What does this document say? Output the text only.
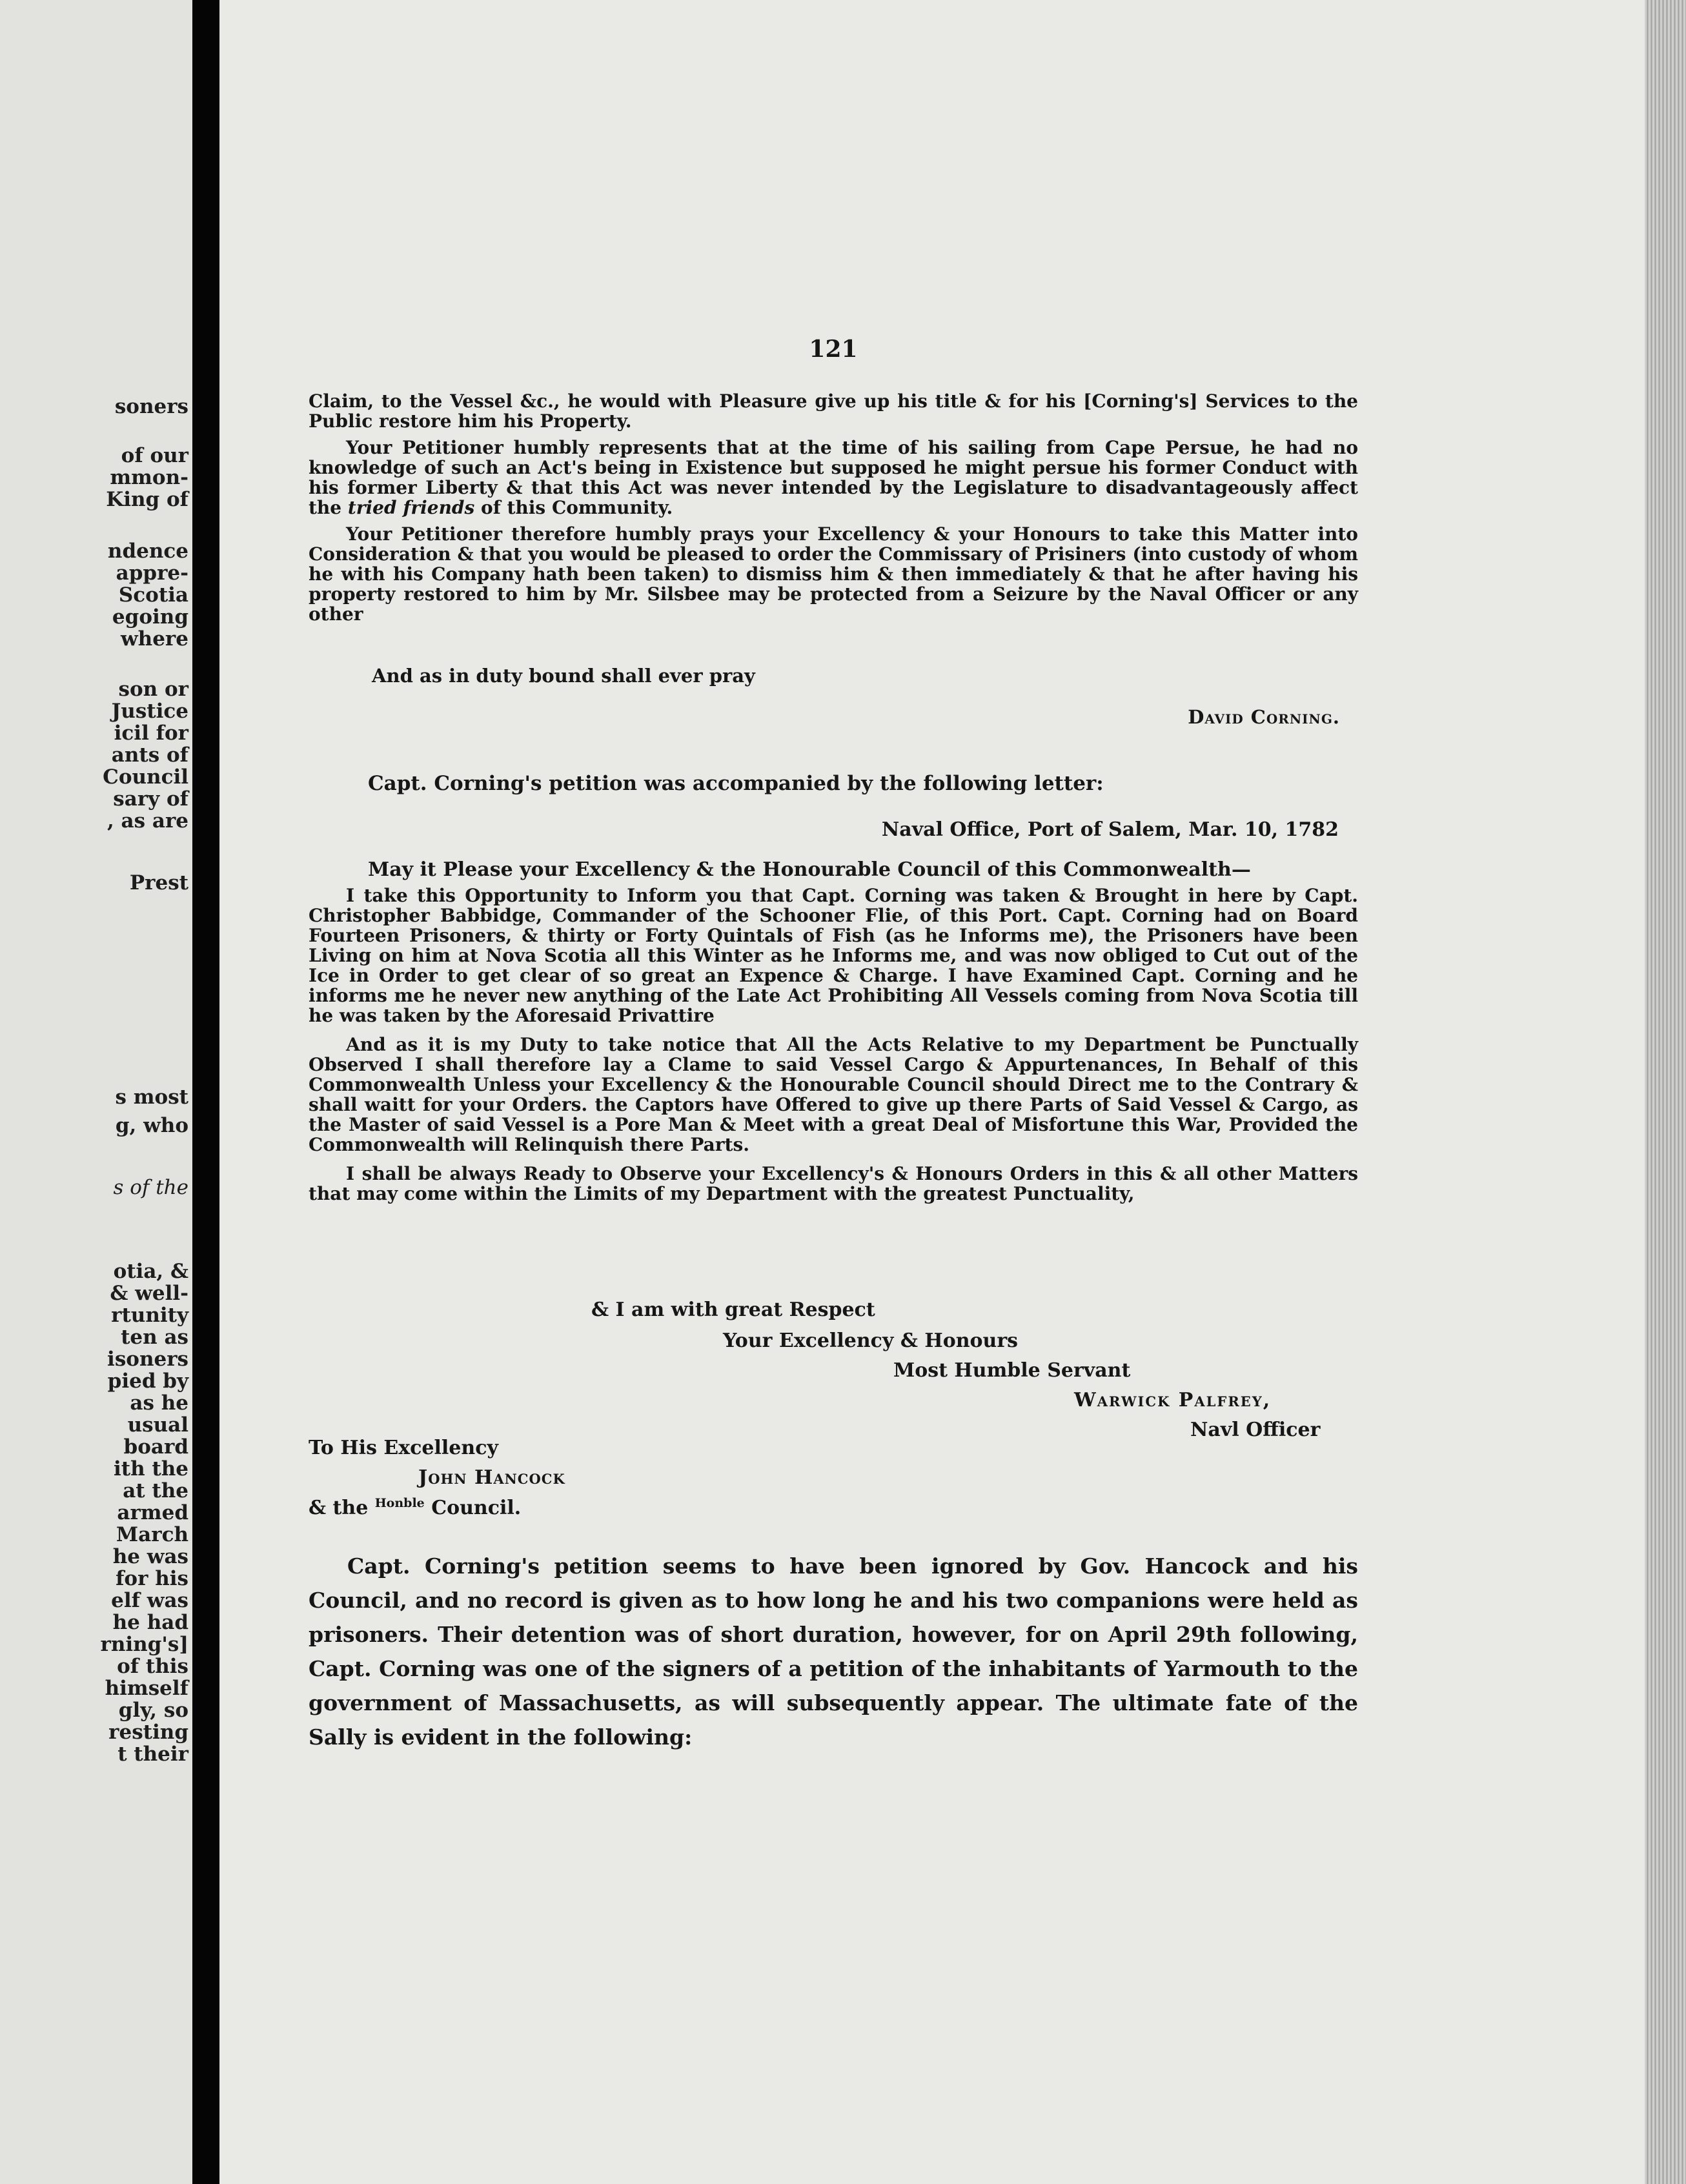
soners
of our
mmon-
King of
ndence
appre-
Scotia
egoing
where
son or
Justice
icil for
ants of
Council
sary of
, as are
Prest
s most
g, who
s of the
otia, &
& well-
rtunity
ten as
isoners
pied by
as he
usual
board
ith the
at the
armed
March
he was
for his
elf was
he had
rning's]
of this
himself
gly, so
resting
t their
121

Claim, to the Vessel &c., he would with Pleasure give up his title & for his [Corning's] Services to the Public restore him his Property.

Your Petitioner humbly represents that at the time of his sailing from Cape Persue, he had no knowledge of such an Act's being in Existence but supposed he might persue his former Conduct with his former Liberty & that this Act was never intended by the Legislature to disadvantageously affect the tried friends of this Community.

Your Petitioner therefore humbly prays your Excellency & your Honours to take this Matter into Consideration & that you would be pleased to order the Commissary of Prisiners (into custody of whom he with his Company hath been taken) to dismiss him & then immediately & that he after having his property restored to him by Mr. Silsbee may be protected from a Seizure by the Naval Officer or any other

And as in duty bound shall ever pray
David Corning.
Capt. Corning's petition was accompanied by the following letter:
Naval Office, Port of Salem, Mar. 10, 1782
May it Please your Excellency & the Honourable Council of this Commonwealth—

I take this Opportunity to Inform you that Capt. Corning was taken & Brought in here by Capt. Christopher Babbidge, Commander of the Schooner Flie, of this Port. Capt. Corning had on Board Fourteen Prisoners, & thirty or Forty Quintals of Fish (as he Informs me), the Prisoners have been Living on him at Nova Scotia all this Winter as he Informs me, and was now obliged to Cut out of the Ice in Order to get clear of so great an Expence & Charge. I have Examined Capt. Corning and he informs me he never new anything of the Late Act Prohibiting All Vessels coming from Nova Scotia till he was taken by the Aforesaid Privattire

And as it is my Duty to take notice that All the Acts Relative to my Department be Punctually Observed I shall therefore lay a Clame to said Vessel Cargo & Appurtenances, In Behalf of this Commonwealth Unless your Excellency & the Honourable Council should Direct me to the Contrary & shall waitt for your Orders. the Captors have Offered to give up there Parts of Said Vessel & Cargo, as the Master of said Vessel is a Pore Man & Meet with a great Deal of Misfortune this War, Provided the Commonwealth will Relinquish there Parts.

I shall be always Ready to Observe your Excellency's & Honours Orders in this & all other Matters that may come within the Limits of my Department with the greatest Punctuality,

& I am with great Respect
Your Excellency & Honours
Most Humble Servant
Warwick Palfrey,
Navl Officer
To His Excellency
John Hancock
& the $^{Honble}$ Council.

Capt. Corning's petition seems to have been ignored by Gov. Hancock and his Council, and no record is given as to how long he and his two companions were held as prisoners. Their detention was of short duration, however, for on April 29th following, Capt. Corning was one of the signers of a petition of the inhabitants of Yarmouth to the government of Massachusetts, as will subsequently appear. The ultimate fate of the Sally is evident in the following:
